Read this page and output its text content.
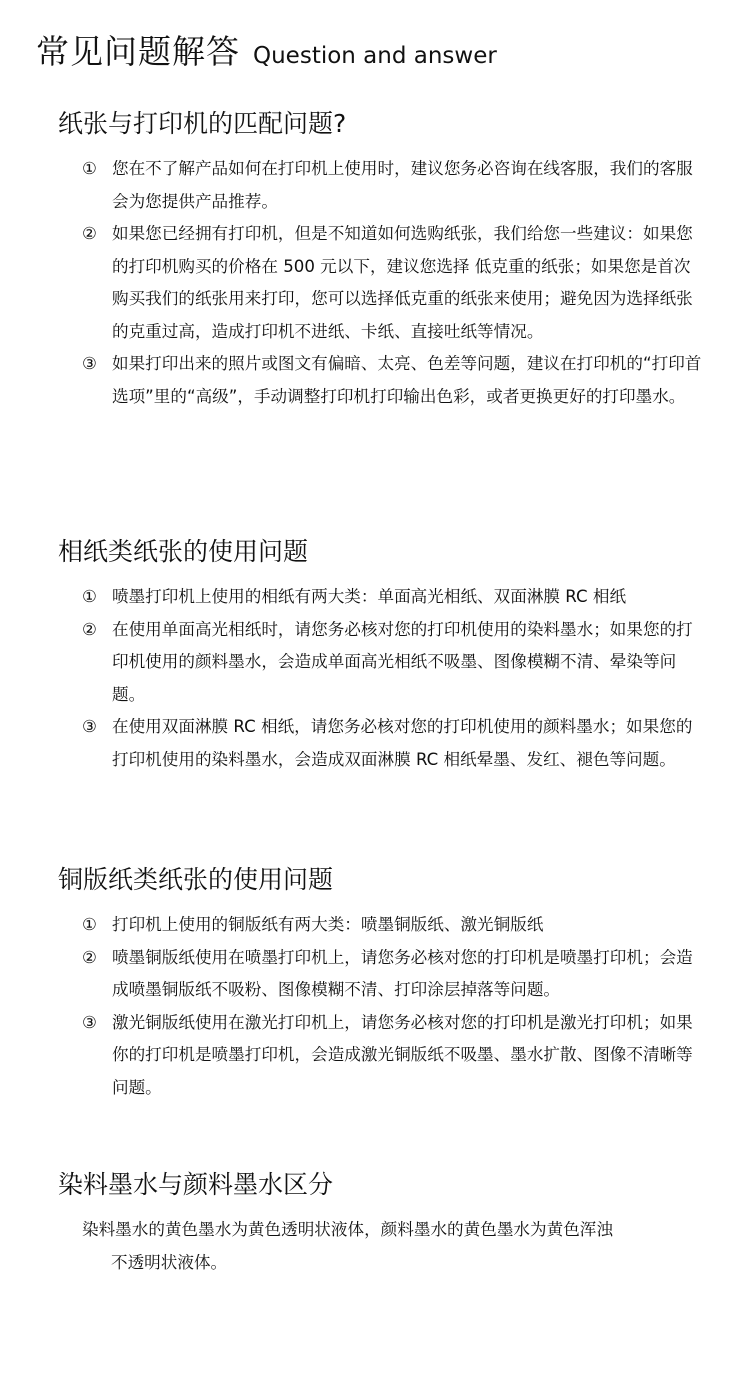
常见问题解答 Question and answer
纸张与打印机的匹配问题?
① 您在不了解产品如何在打印机上使用时，建议您务必咨询在线客服，我们的客服会为您提供产品推荐。
② 如果您已经拥有打印机，但是不知道如何选购纸张，我们给您一些建议：如果您的打印机购买的价格在 500 元以下，建议您选择 低克重的纸张；如果您是首次购买我们的纸张用来打印，您可以选择低克重的纸张来使用；避免因为选择纸张的克重过高，造成打印机不进纸、卡纸、直接吐纸等情况。
③ 如果打印出来的照片或图文有偏暗、太亮、色差等问题，建议在打印机的“打印首选项”里的“高级”，手动调整打印机打印输出色彩，或者更换更好的打印墨水。
相纸类纸张的使用问题
① 喷墨打印机上使用的相纸有两大类：单面高光相纸、双面淋膜 RC 相纸
② 在使用单面高光相纸时，请您务必核对您的打印机使用的染料墨水；如果您的打印机使用的颜料墨水，会造成单面高光相纸不吸墨、图像模糊不清、晕染等问题。
③ 在使用双面淋膜 RC 相纸，请您务必核对您的打印机使用的颜料墨水；如果您的打印机使用的染料墨水，会造成双面淋膜 RC 相纸晕墨、发红、褪色等问题。
铜版纸类纸张的使用问题
① 打印机上使用的铜版纸有两大类：喷墨铜版纸、激光铜版纸
② 喷墨铜版纸使用在喷墨打印机上，请您务必核对您的打印机是喷墨打印机；会造成喷墨铜版纸不吸粉、图像模糊不清、打印涂层掉落等问题。
③ 激光铜版纸使用在激光打印机上，请您务必核对您的打印机是激光打印机；如果你的打印机是喷墨打印机，会造成激光铜版纸不吸墨、墨水扩散、图像不清晰等问题。
染料墨水与颜料墨水区分
染料墨水的黄色墨水为黄色透明状液体，颜料墨水的黄色墨水为黄色浑浊
不透明状液体。
